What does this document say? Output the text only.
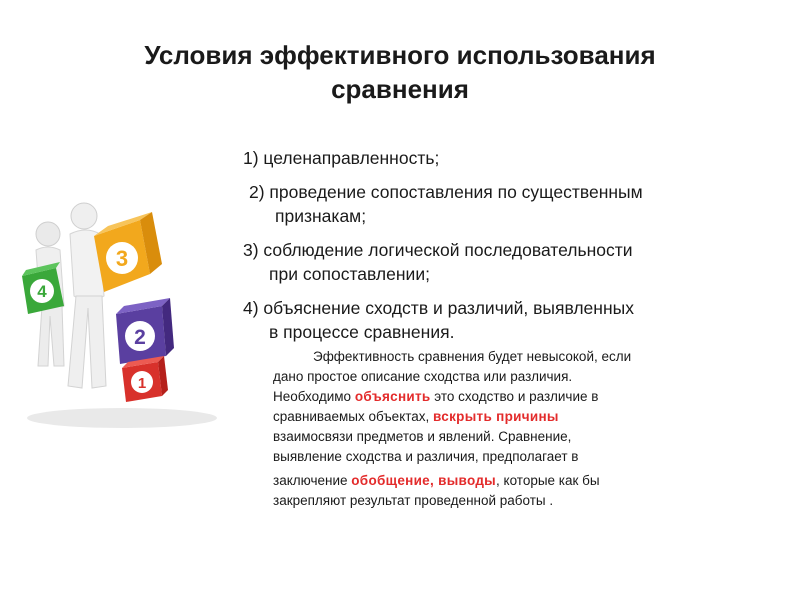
Условия эффективного использования
сравнения
4
3
2
1
1) целенаправленность;
2) проведение сопоставления по существенным
признакам;
3) соблюдение логической последовательности
при сопоставлении;
4) объяснение сходств и различий, выявленных
в процессе сравнения.
Эффективность сравнения будет невысокой, если
дано простое описание сходства или различия.
Необходимо объяснить это сходство и различие в
сравниваемых объектах, вскрыть причины
взаимосвязи предметов и явлений. Сравнение,
выявление сходства и различия, предполагает в
заключение обобщение, выводы, которые как бы
закрепляют результат проведенной работы .
